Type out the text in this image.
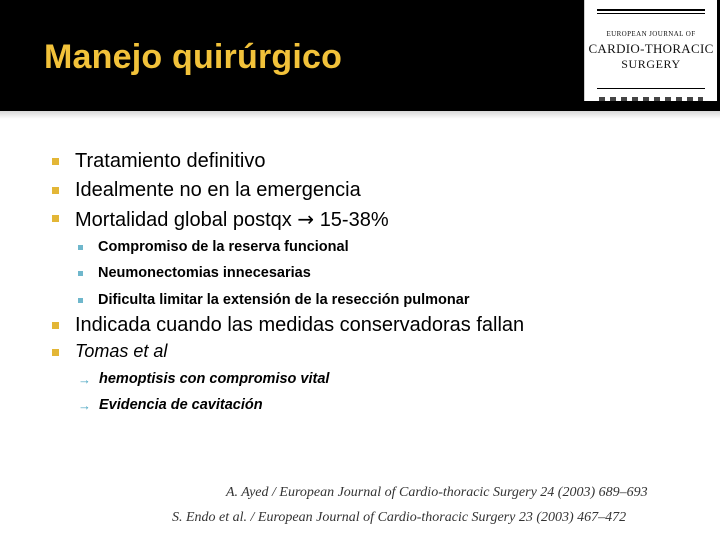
Manejo quirúrgico
EUROPEAN JOURNAL OF
CARDIO-THORACIC
SURGERY
Tratamiento definitivo
Idealmente no en la emergencia
Mortalidad global postqx → 15-38%
Compromiso de la reserva funcional
Neumonectomias innecesarias
Dificulta limitar la extensión de la resección pulmonar
Indicada cuando las medidas conservadoras fallan
Tomas et al
→ hemoptisis con compromiso vital
→ Evidencia de cavitación
A. Ayed / European Journal of Cardio-thoracic Surgery 24 (2003) 689–693
S. Endo et al. / European Journal of Cardio-thoracic Surgery 23 (2003) 467–472
